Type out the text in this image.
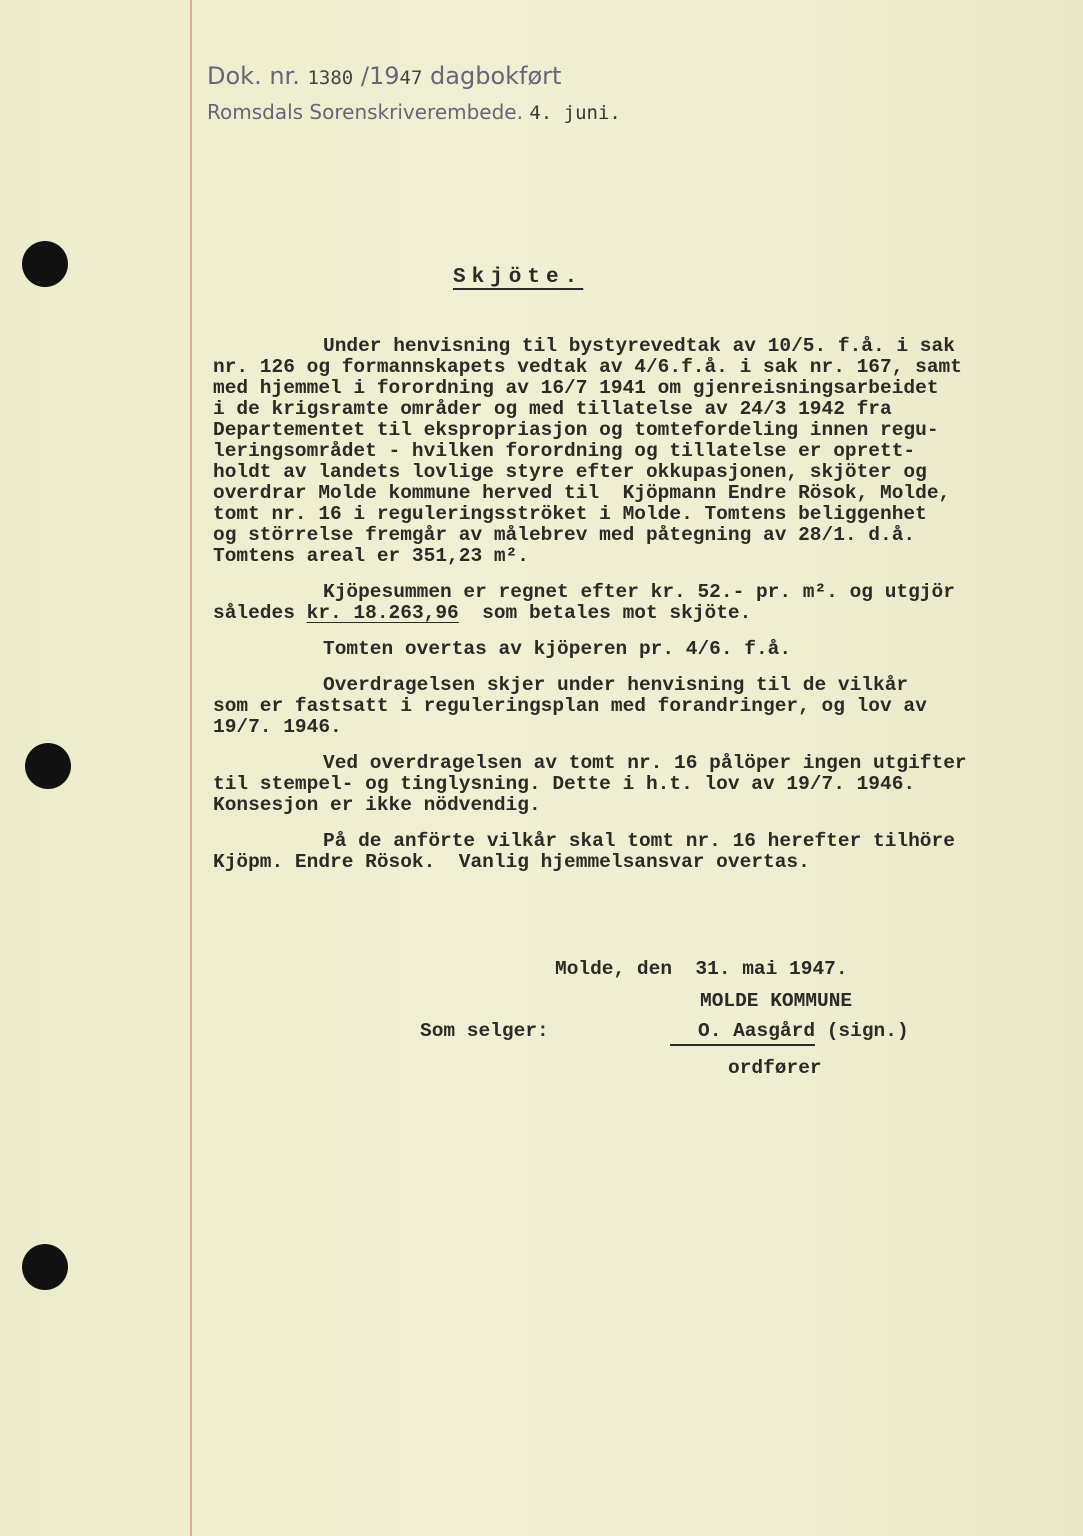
Dok. nr. 1380 /1947 dagbokført
Romsdals Sorenskriverembede. 4. juni.
Skjöte.
Under henvisning til bystyrevedtak av 10/5. f.å. i sak
nr. 126 og formannskapets vedtak av 4/6.f.å. i sak nr. 167, samt
med hjemmel i forordning av 16/7 1941 om gjenreisningsarbeidet
i de krigsramte områder og med tillatelse av 24/3 1942 fra
Departementet til ekspropriasjon og tomtefordeling innen regu-
leringsområdet - hvilken forordning og tillatelse er oprett-
holdt av landets lovlige styre efter okkupasjonen, skjöter og
overdrar Molde kommune herved til  Kjöpmann Endre Rösok, Molde,
tomt nr. 16 i reguleringsströket i Molde. Tomtens beliggenhet
og störrelse fremgår av målebrev med påtegning av 28/1. d.å.
Tomtens areal er 351,23 m².
Kjöpesummen er regnet efter kr. 52.- pr. m². og utgjör
således kr. 18.263,96  som betales mot skjöte.
Tomten overtas av kjöperen pr. 4/6. f.å.
Overdragelsen skjer under henvisning til de vilkår
som er fastsatt i reguleringsplan med forandringer, og lov av
19/7. 1946.
Ved overdragelsen av tomt nr. 16 pålöper ingen utgifter
til stempel- og tinglysning. Dette i h.t. lov av 19/7. 1946.
Konsesjon er ikke nödvendig.
På de anförte vilkår skal tomt nr. 16 herefter tilhöre
Kjöpm. Endre Rösok.  Vanlig hjemmelsansvar overtas.
Molde, den  31. mai 1947.
MOLDE KOMMUNE
Som selger:	O. Aasgård (sign.)
ordfører
